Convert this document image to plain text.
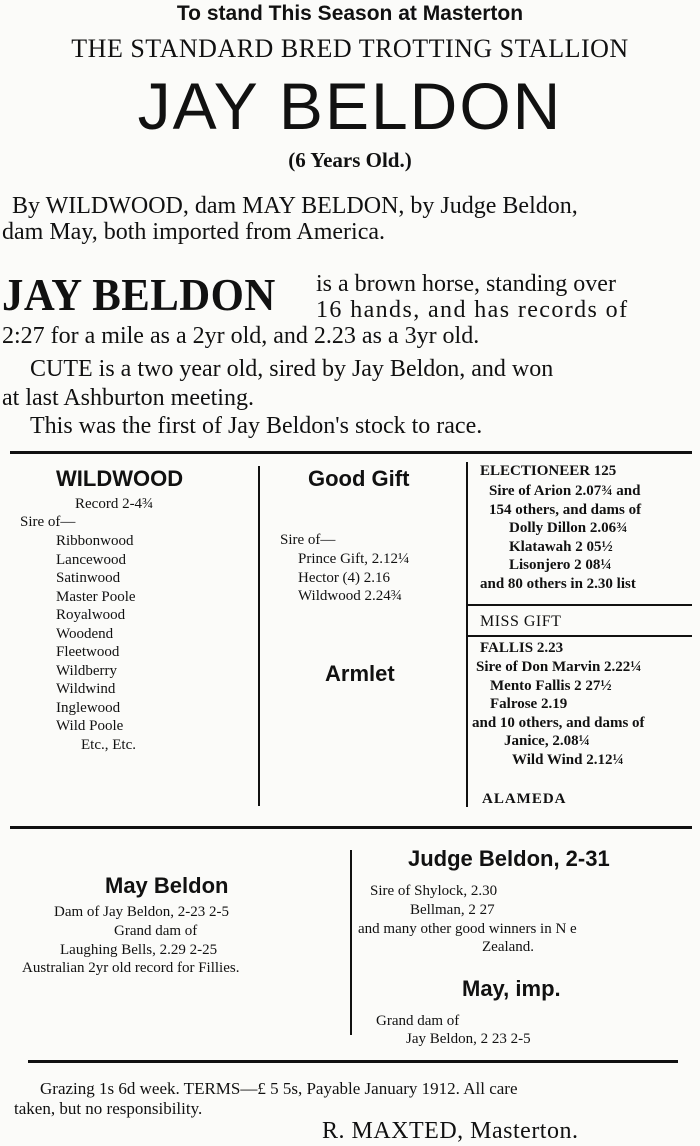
To stand This Season at Masterton
THE STANDARD BRED TROTTING STALLION
JAY BELDON
(6 Years Old.)
By WILDWOOD, dam MAY BELDON, by Judge Beldon,
dam May, both imported from America.
JAY BELDON is a brown horse, standing over
16 hands, and has records of
2:27 for a mile as a 2yr old, and 2.23 as a 3yr old.
CUTE is a two year old, sired by Jay Beldon, and won
at last Ashburton meeting.
This was the first of Jay Beldon's stock to race.
WILDWOOD
Record 2-4¾
Sire of—
Ribbonwood
Lancewood
Satinwood
Master Poole
Royalwood
Woodend
Fleetwood
Wildberry
Wildwind
Inglewood
Wild Poole
Etc., Etc.
Good Gift
Sire of—
Prince Gift, 2.12¼
Hector (4) 2.16
Wildwood 2.24¾
Armlet
ELECTIONEER 125
Sire of Arion 2.07¾ and
154 others, and dams of
Dolly Dillon 2.06¾
Klatawah 2 05½
Lisonjero 2 08¼
and 80 others in 2.30 list
MISS GIFT
FALLIS 2.23
Sire of Don Marvin 2.22¼
Mento Fallis 2 27½
Falrose 2.19
and 10 others, and dams of
Janice, 2.08¼
Wild Wind 2.12¼
ALAMEDA
May Beldon
Dam of Jay Beldon, 2-23 2-5
Grand dam of
Laughing Bells, 2.29 2-25
Australian 2yr old record for Fillies.
Judge Beldon, 2-31
Sire of Shylock, 2.30
Bellman, 2 27
and many other good winners in N e
Zealand.
May, imp.
Grand dam of
Jay Beldon, 2 23 2-5
Grazing 1s 6d week. TERMS—£ 5 5s, Payable January 1912. All care
taken, but no responsibility.
R. MAXTED, Masterton.
